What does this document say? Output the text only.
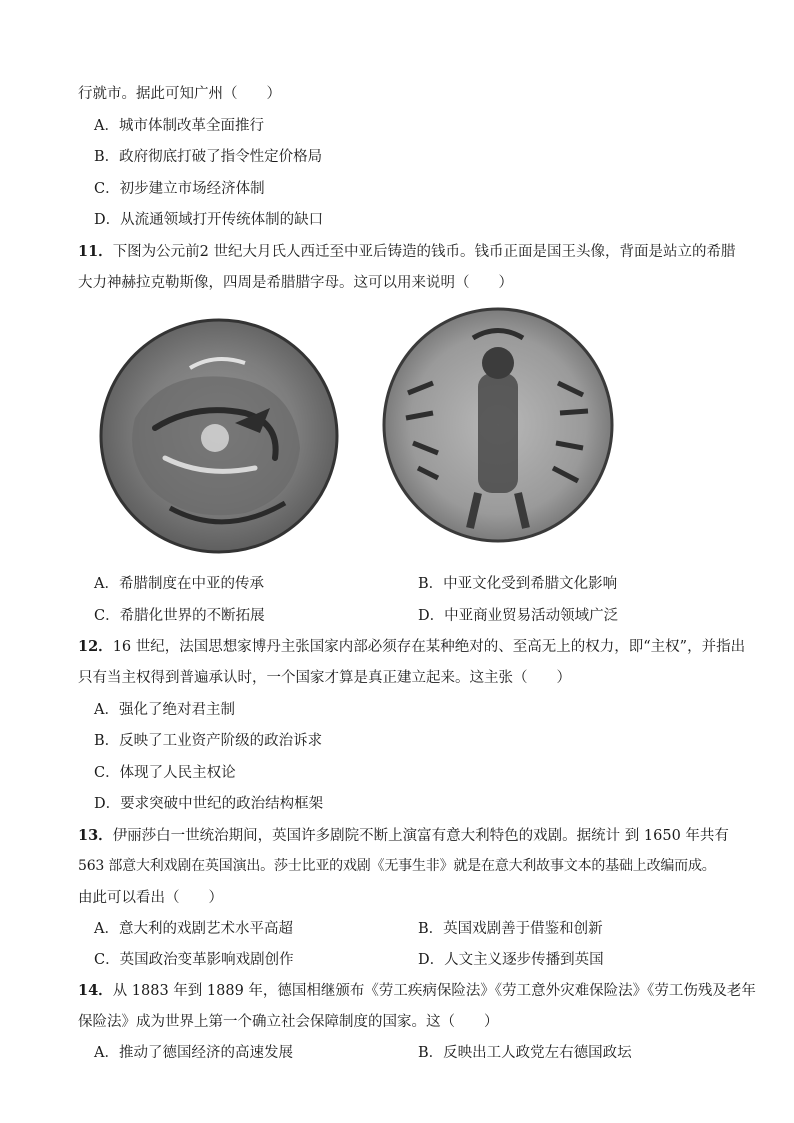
行就市。据此可知广州（　　）
A．城市体制改革全面推行
B．政府彻底打破了指令性定价格局
C．初步建立市场经济体制
D．从流通领域打开传统体制的缺口
11．下图为公元前2 世纪大月氏人西迁至中亚后铸造的钱币。钱币正面是国王头像，背面是站立的希腊
大力神赫拉克勒斯像，四周是希腊腊字母。这可以用来说明（　　）
A．希腊制度在中亚的传承	B．中亚文化受到希腊文化影响
C．希腊化世界的不断拓展	D．中亚商业贸易活动领域广泛
12．16 世纪，法国思想家博丹主张国家内部必须存在某种绝对的、至高无上的权力，即“主权”，并指出
只有当主权得到普遍承认时，一个国家才算是真正建立起来。这主张（　　）
A．强化了绝对君主制
B．反映了工业资产阶级的政治诉求
C．体现了人民主权论
D．要求突破中世纪的政治结构框架
13．伊丽莎白一世统治期间，英国许多剧院不断上演富有意大利特色的戏剧。据统计 到 1650 年共有
563 部意大利戏剧在英国演出。莎士比亚的戏剧《无事生非》就是在意大利故事文本的基础上改编而成。
由此可以看出（　　）
A．意大利的戏剧艺术水平高超	B．英国戏剧善于借鉴和创新
C．英国政治变革影响戏剧创作	D．人文主义逐步传播到英国
14．从 1883 年到 1889 年，德国相继颁布《劳工疾病保险法》《劳工意外灾难保险法》《劳工伤残及老年
保险法》成为世界上第一个确立社会保障制度的国家。这（　　）
A．推动了德国经济的高速发展	B．反映出工人政党左右德国政坛
